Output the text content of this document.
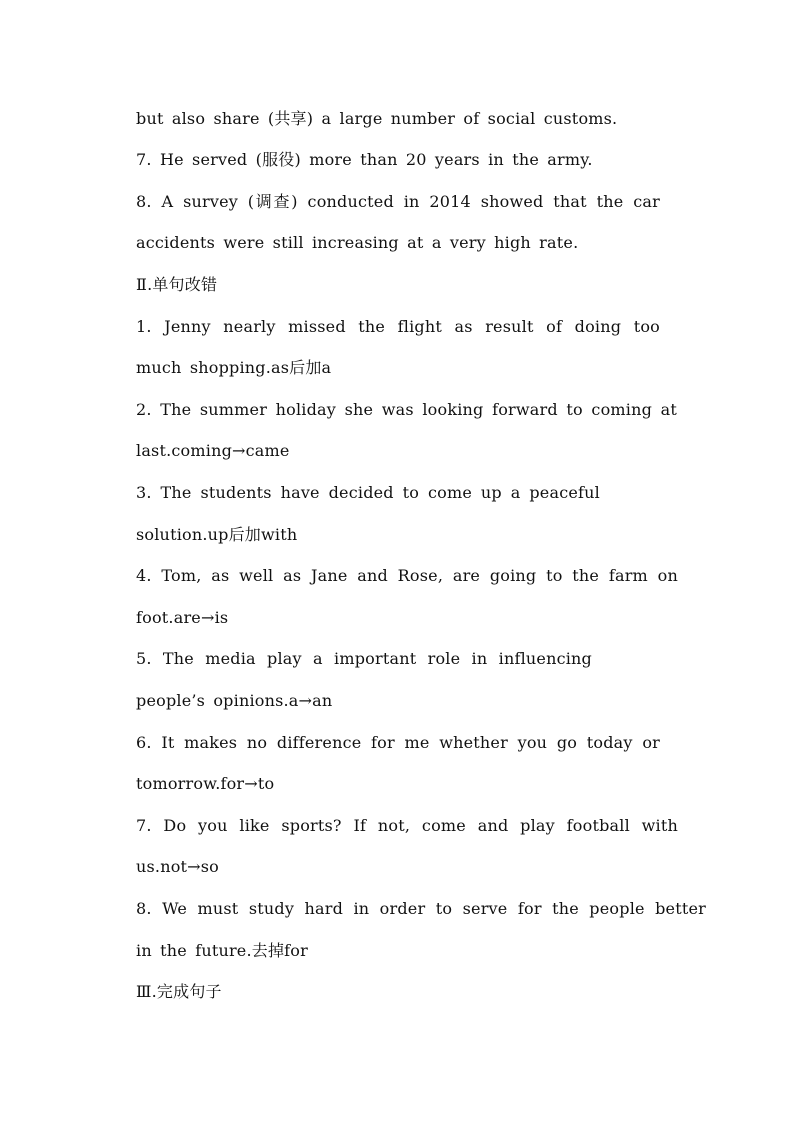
but also share (共享) a large number of social customs.
7. He served (服役) more than 20 years in the army.
8. A survey (调查) conducted in 2014 showed that the car
accidents were still increasing at a very high rate.
Ⅱ.单句改错
1. Jenny nearly missed the flight as result of doing too
much shopping.as后加a
2. The summer holiday she was looking forward to coming at
last.coming→came
3. The students have decided to come up a peaceful
solution.up后加with
4. Tom, as well as Jane and Rose, are going to the farm on
foot.are→is
5. The media play a important role in influencing
people’s opinions.a→an
6. It makes no difference for me whether you go today or
tomorrow.for→to
7. Do you like sports? If not, come and play football with
us.not→so
8. We must study hard in order to serve for the people better
in the future.去掉for
Ⅲ.完成句子
